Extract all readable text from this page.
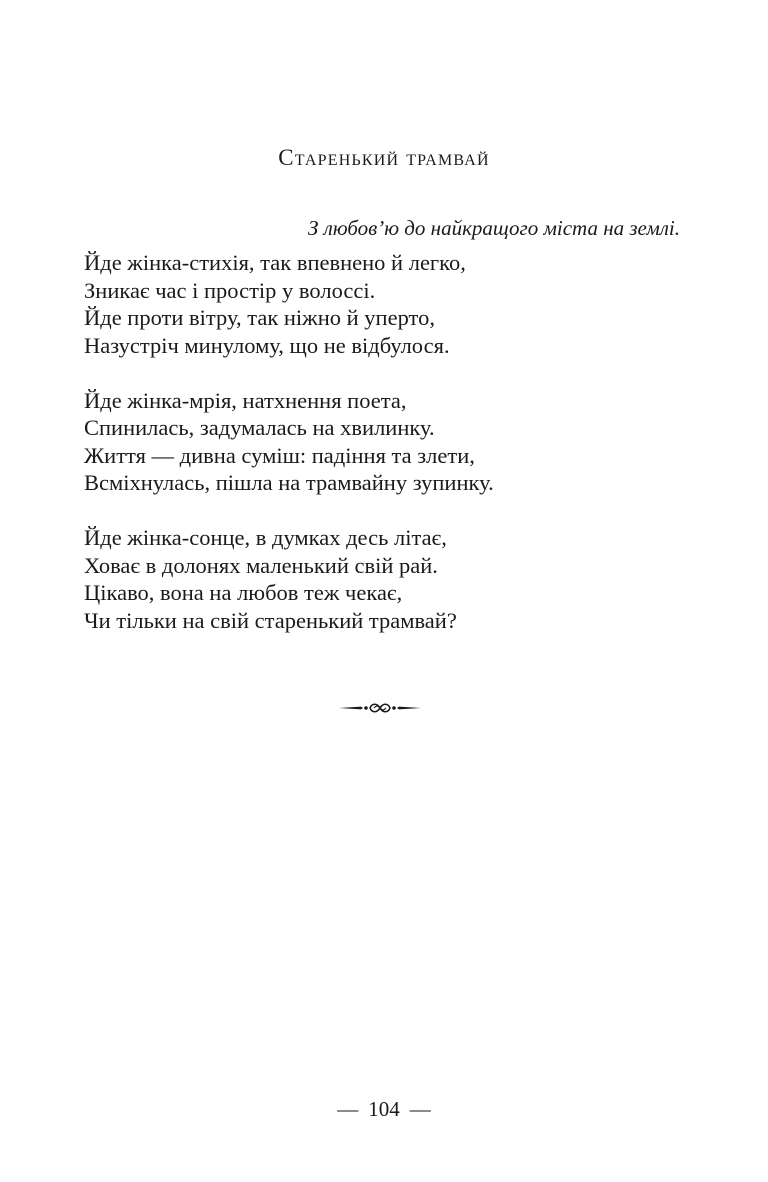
Старенький трамвай
З любов’ю до найкращого міста на землі.
Йде жінка-стихія, так впевнено й легко,
Зникає час і простір у волоссі.
Йде проти вітру, так ніжно й уперто,
Назустріч минулому, що не відбулося.
Йде жінка-мрія, натхнення поета,
Спинилась, задумалась на хвилинку.
Життя — дивна суміш: падіння та злети,
Всміхнулась, пішла на трамвайну зупинку.
Йде жінка-сонце, в думках десь літає,
Ховає в долонях маленький свій рай.
Цікаво, вона на любов теж чекає,
Чи тільки на свій старенький трамвай?
— 104 —
